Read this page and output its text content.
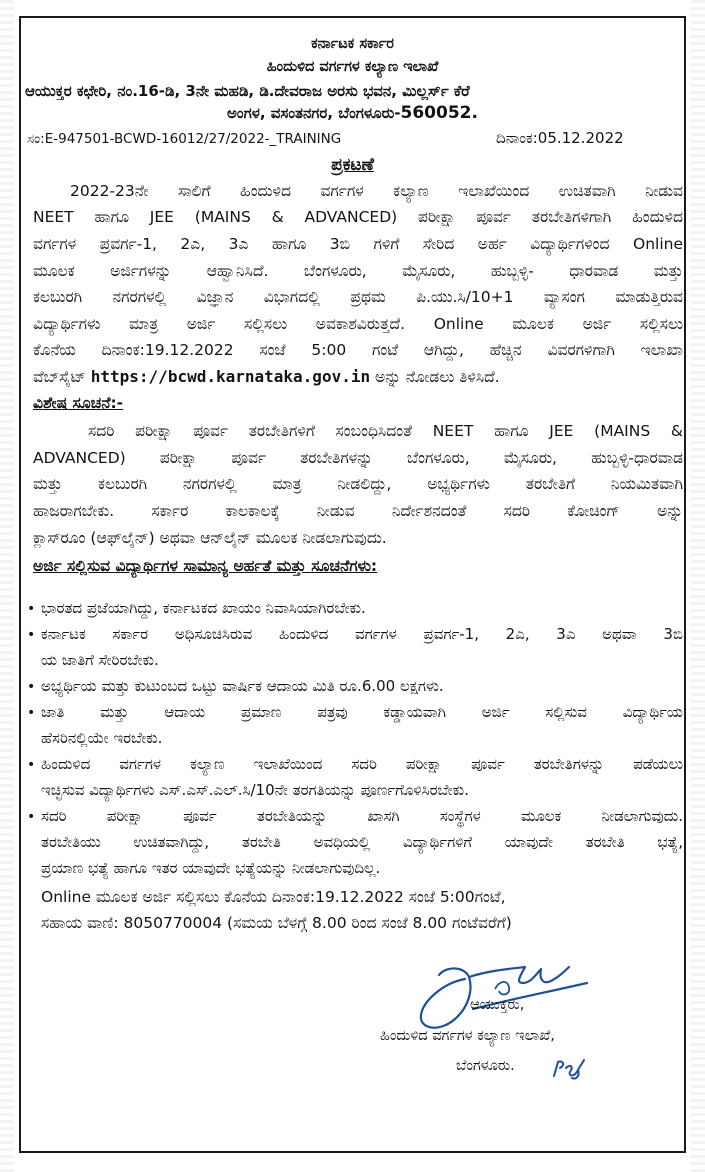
ಕರ್ನಾಟಕ ಸರ್ಕಾರ
ಹಿಂದುಳಿದ ವರ್ಗಗಳ ಕಲ್ಯಾಣ ಇಲಾಖೆ
ಆಯುಕ್ತರ ಕಛೇರಿ, ನಂ.16-ಡಿ, 3ನೇ ಮಹಡಿ, ಡಿ.ದೇವರಾಜ ಅರಸು ಭವನ, ಮಿಲ್ಲರ್ಸ್ ಕೆರೆ
ಅಂಗಳ, ವಸಂತನಗರ, ಬೆಂಗಳೂರು-560052.
ಸಂ:E-947501-BCWD-16012/27/2022-_TRAINING	ದಿನಾಂಕ:05.12.2022
ಪ್ರಕಟಣೆ
2022-23ನೇ ಸಾಲಿಗೆ ಹಿಂದುಳಿದ ವರ್ಗಗಳ ಕಲ್ಯಾಣ ಇಲಾಖೆಯಿಂದ ಉಚಿತವಾಗಿ ನೀಡುವ
NEET ಹಾಗೂ JEE (MAINS & ADVANCED) ಪರೀಕ್ಷಾ ಪೂರ್ವ ತರಬೇತಿಗಳಿಗಾಗಿ ಹಿಂದುಳಿದ
ವರ್ಗಗಳ ಪ್ರವರ್ಗ-1, 2ಎ, 3ಎ ಹಾಗೂ 3ಬಿ ಗಳಿಗೆ ಸೇರಿದ ಅರ್ಹ ವಿದ್ಯಾರ್ಥಿಗಳಿಂದ Online
ಮೂಲಕ ಅರ್ಜಿಗಳನ್ನು ಆಹ್ವಾನಿಸಿದೆ. ಬೆಂಗಳೂರು, ಮೈಸೂರು, ಹುಬ್ಬಳ್ಳಿ- ಧಾರವಾಡ ಮತ್ತು
ಕಲಬುರಗಿ ನಗರಗಳಲ್ಲಿ ವಿಜ್ಞಾನ ವಿಭಾಗದಲ್ಲಿ ಪ್ರಥಮ ಪಿ.ಯು.ಸಿ/10+1 ವ್ಯಾಸಂಗ ಮಾಡುತ್ತಿರುವ
ವಿದ್ಯಾರ್ಥಿಗಳು ಮಾತ್ರ ಅರ್ಜಿ ಸಲ್ಲಿಸಲು ಅವಕಾಶವಿರುತ್ತದೆ. Online ಮೂಲಕ ಅರ್ಜಿ ಸಲ್ಲಿಸಲು
ಕೊನೆಯ ದಿನಾಂಕ:19.12.2022 ಸಂಜೆ 5:00 ಗಂಟೆ ಆಗಿದ್ದು, ಹೆಚ್ಚಿನ ವಿವರಗಳಿಗಾಗಿ ಇಲಾಖಾ
ವೆಬ್‌ಸೈಟ್ https://bcwd.karnataka.gov.in ಅನ್ನು ನೋಡಲು ತಿಳಿಸಿದೆ.
ವಿಶೇಷ ಸೂಚನೆ:-
ಸದರಿ ಪರೀಕ್ಷಾ ಪೂರ್ವ ತರಬೇತಿಗಳಿಗೆ ಸಂಬಂಧಿಸಿದಂತೆ NEET ಹಾಗೂ JEE (MAINS &
ADVANCED) ಪರೀಕ್ಷಾ ಪೂರ್ವ ತರಬೇತಿಗಳನ್ನು ಬೆಂಗಳೂರು, ಮೈಸೂರು, ಹುಬ್ಬಳ್ಳಿ-ಧಾರವಾಡ
ಮತ್ತು ಕಲಬುರಗಿ ನಗರಗಳಲ್ಲಿ ಮಾತ್ರ ನೀಡಲಿದ್ದು, ಅಭ್ಯರ್ಥಿಗಳು ತರಬೇತಿಗೆ ನಿಯಮಿತವಾಗಿ
ಹಾಜರಾಗಬೇಕು. ಸರ್ಕಾರ ಕಾಲಕಾಲಕ್ಕೆ ನೀಡುವ ನಿರ್ದೇಶನದಂತೆ ಸದರಿ ಕೋಚಿಂಗ್ ಅನ್ನು
ಕ್ಲಾಸ್‌ರೂಂ (ಆಫ್‌ಲೈನ್) ಅಥವಾ ಆನ್‌ಲೈನ್ ಮೂಲಕ ನೀಡಲಾಗುವುದು.
ಅರ್ಜಿ ಸಲ್ಲಿಸುವ ವಿದ್ಯಾರ್ಥಿಗಳ ಸಾಮಾನ್ಯ ಅರ್ಹತೆ ಮತ್ತು ಸೂಚನೆಗಳು:
• ಭಾರತದ ಪ್ರಜೆಯಾಗಿದ್ದು, ಕರ್ನಾಟಕದ ಖಾಯಂ ನಿವಾಸಿಯಾಗಿರಬೇಕು.
• ಕರ್ನಾಟಕ ಸರ್ಕಾರ ಅಧಿಸೂಚಿಸಿರುವ ಹಿಂದುಳಿದ ವರ್ಗಗಳ ಪ್ರವರ್ಗ-1, 2ಎ, 3ಎ ಅಥವಾ 3ಬಿ
ಯ ಜಾತಿಗೆ ಸೇರಿರಬೇಕು.
• ಅಭ್ಯರ್ಥಿಯ ಮತ್ತು ಕುಟುಂಬದ ಒಟ್ಟು ವಾರ್ಷಿಕ ಆದಾಯ ಮಿತಿ ರೂ.6.00 ಲಕ್ಷಗಳು.
• ಜಾತಿ ಮತ್ತು ಆದಾಯ ಪ್ರಮಾಣ ಪತ್ರವು ಕಡ್ಡಾಯವಾಗಿ ಅರ್ಜಿ ಸಲ್ಲಿಸುವ ವಿದ್ಯಾರ್ಥಿಯ
ಹೆಸರಿನಲ್ಲಿಯೇ ಇರಬೇಕು.
• ಹಿಂದುಳಿದ ವರ್ಗಗಳ ಕಲ್ಯಾಣ ಇಲಾಖೆಯಿಂದ ಸದರಿ ಪರೀಕ್ಷಾ ಪೂರ್ವ ತರಬೇತಿಗಳನ್ನು ಪಡೆಯಲು
ಇಚ್ಛಿಸುವ ವಿದ್ಯಾರ್ಥಿಗಳು ಎಸ್.ಎಸ್.ಎಲ್.ಸಿ/10ನೇ ತರಗತಿಯನ್ನು ಪೂರ್ಣಗೊಳಿಸಿರಬೇಕು.
• ಸದರಿ ಪರೀಕ್ಷಾ ಪೂರ್ವ ತರಬೇತಿಯನ್ನು ಖಾಸಗಿ ಸಂಸ್ಥೆಗಳ ಮೂಲಕ ನೀಡಲಾಗುವುದು.
ತರಬೇತಿಯು ಉಚಿತವಾಗಿದ್ದು, ತರಬೇತಿ ಅವಧಿಯಲ್ಲಿ ವಿದ್ಯಾರ್ಥಿಗಳಿಗೆ ಯಾವುದೇ ತರಬೇತಿ ಭತ್ಯೆ,
ಪ್ರಯಾಣ ಭತ್ಯೆ ಹಾಗೂ ಇತರ ಯಾವುದೇ ಭತ್ಯೆಯನ್ನು ನೀಡಲಾಗುವುದಿಲ್ಲ.
Online ಮೂಲಕ ಅರ್ಜಿ ಸಲ್ಲಿಸಲು ಕೊನೆಯ ದಿನಾಂಕ:19.12.2022 ಸಂಜೆ 5:00ಗಂಟೆ,
ಸಹಾಯ ವಾಣಿ: 8050770004 (ಸಮಯ ಬೆಳಗ್ಗೆ 8.00 ರಿಂದ ಸಂಜೆ 8.00 ಗಂಟೆವರೆಗೆ)
ಆಯುಕ್ತರು,
ಹಿಂದುಳಿದ ವರ್ಗಗಳ ಕಲ್ಯಾಣ ಇಲಾಖೆ,
ಬೆಂಗಳೂರು.
